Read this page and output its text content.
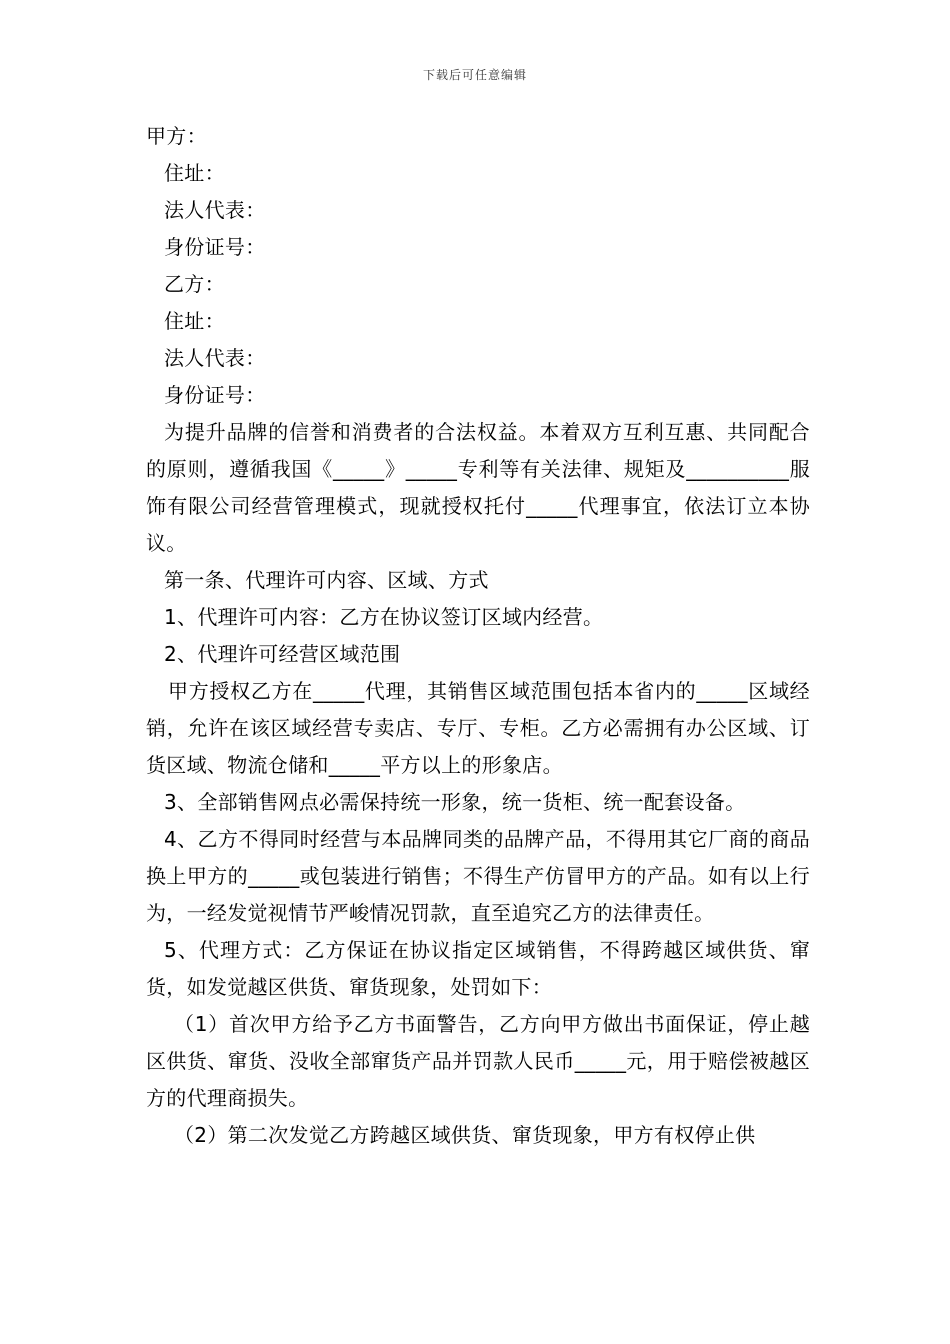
下载后可任意编辑

甲方：

住址：

法人代表：

身份证号：

乙方：

住址：

法人代表：

身份证号：

为提升品牌的信誉和消费者的合法权益。本着双方互利互惠、共同配合的原则，遵循我国《_____》_____专利等有关法律、规矩及__________服饰有限公司经营管理模式，现就授权托付_____代理事宜，依法订立本协议。

第一条、代理许可内容、区域、方式

1、代理许可内容：乙方在协议签订区域内经营。

2、代理许可经营区域范围

甲方授权乙方在_____代理，其销售区域范围包括本省内的_____区域经销，允许在该区域经营专卖店、专厅、专柜。乙方必需拥有办公区域、订货区域、物流仓储和_____平方以上的形象店。

3、全部销售网点必需保持统一形象，统一货柜、统一配套设备。

4、乙方不得同时经营与本品牌同类的品牌产品，不得用其它厂商的商品换上甲方的_____或包装进行销售；不得生产仿冒甲方的产品。如有以上行为，一经发觉视情节严峻情况罚款，直至追究乙方的法律责任。

5、代理方式：乙方保证在协议指定区域销售，不得跨越区域供货、窜货，如发觉越区供货、窜货现象，处罚如下：

（1）首次甲方给予乙方书面警告，乙方向甲方做出书面保证，停止越区供货、窜货、没收全部窜货产品并罚款人民币_____元，用于赔偿被越区方的代理商损失。

（2）第二次发觉乙方跨越区域供货、窜货现象，甲方有权停止供
